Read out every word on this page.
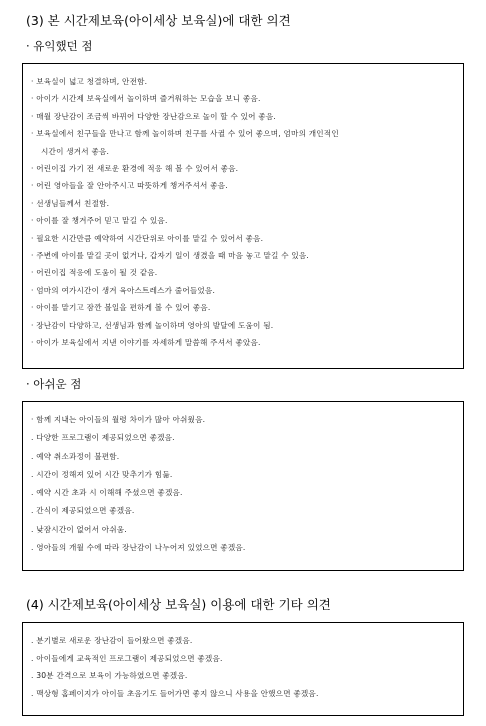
(3) 본 시간제보육(아이세상 보육실)에 대한 의견
· 유익했던 점
· 보육실이 넓고 청결하며, 안전함.
· 아이가 시간제 보육실에서 놀이하며 즐거워하는 모습을 보니 좋음.
· 매월 장난감이 조금씩 바뀌어 다양한 장난감으로 놀이 할 수 있어 좋음.
· 보육실에서 친구들을 만나고 함께 놀이하며 친구를 사귈 수 있어 좋으며, 엄마의 개인적인
시간이 생겨서 좋음.
· 어린이집 가기 전 새로운 환경에 적응 해 볼 수 있어서 좋음.
· 어린 영아들을 잘 안아주시고 따뜻하게 챙겨주셔서 좋음.
· 선생님들께서 친절함.
· 아이를 잘 챙겨주어 믿고 맡길 수 있음.
· 필요한 시간만큼 예약하여 시간단위로 아이를 맡길 수 있어서 좋음.
· 주변에 아이를 맡길 곳이 없거나, 갑자기 일이 생겼을 때 마음 놓고 맡길 수 있음.
· 어린이집 적응에 도움이 될 것 같음.
· 엄마의 여가시간이 생겨 육아스트레스가 줄어들었음.
· 아이를 맡기고 잠깐 볼일을 편하게 볼 수 있어 좋음.
· 장난감이 다양하고, 선생님과 함께 놀이하며 영아의 발달에 도움이 됨.
· 아이가 보육실에서 지낸 이야기를 자세하게 말씀해 주셔서 좋았음.
· 아쉬운 점
· 함께 지내는 아이들의 월령 차이가 많아 아쉬웠음.
. 다양한 프로그램이 제공되었으면 좋겠음.
. 예약 취소과정이 불편함.
. 시간이 정해져 있어 시간 맞추기가 힘듦.
. 예약 시간 초과 시 이해해 주셨으면 좋겠음.
. 간식이 제공되었으면 좋겠음.
. 낮잠시간이 없어서 아쉬움.
. 영아들의 개월 수에 따라 장난감이 나누어져 있었으면 좋겠음.
(4) 시간제보육(아이세상 보육실) 이용에 대한 기타 의견
. 분기별로 새로운 장난감이 들어왔으면 좋겠음.
. 아이들에게 교육적인 프로그램이 제공되었으면 좋겠음.
. 30분 간격으로 보육이 가능하였으면 좋겠음.
. 맥상형 홈페이지가 아이들 초음기도 들어가면 좋지 않으니 사용을 안했으면 좋겠음.
